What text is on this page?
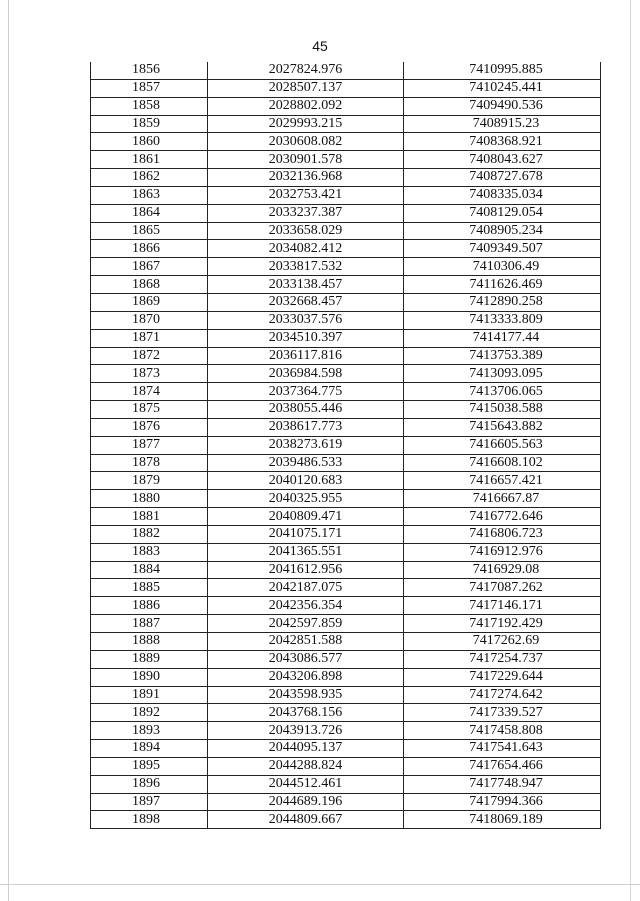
45
1856	2027824.976	7410995.885
1857	2028507.137	7410245.441
1858	2028802.092	7409490.536
1859	2029993.215	7408915.23
1860	2030608.082	7408368.921
1861	2030901.578	7408043.627
1862	2032136.968	7408727.678
1863	2032753.421	7408335.034
1864	2033237.387	7408129.054
1865	2033658.029	7408905.234
1866	2034082.412	7409349.507
1867	2033817.532	7410306.49
1868	2033138.457	7411626.469
1869	2032668.457	7412890.258
1870	2033037.576	7413333.809
1871	2034510.397	7414177.44
1872	2036117.816	7413753.389
1873	2036984.598	7413093.095
1874	2037364.775	7413706.065
1875	2038055.446	7415038.588
1876	2038617.773	7415643.882
1877	2038273.619	7416605.563
1878	2039486.533	7416608.102
1879	2040120.683	7416657.421
1880	2040325.955	7416667.87
1881	2040809.471	7416772.646
1882	2041075.171	7416806.723
1883	2041365.551	7416912.976
1884	2041612.956	7416929.08
1885	2042187.075	7417087.262
1886	2042356.354	7417146.171
1887	2042597.859	7417192.429
1888	2042851.588	7417262.69
1889	2043086.577	7417254.737
1890	2043206.898	7417229.644
1891	2043598.935	7417274.642
1892	2043768.156	7417339.527
1893	2043913.726	7417458.808
1894	2044095.137	7417541.643
1895	2044288.824	7417654.466
1896	2044512.461	7417748.947
1897	2044689.196	7417994.366
1898	2044809.667	7418069.189
